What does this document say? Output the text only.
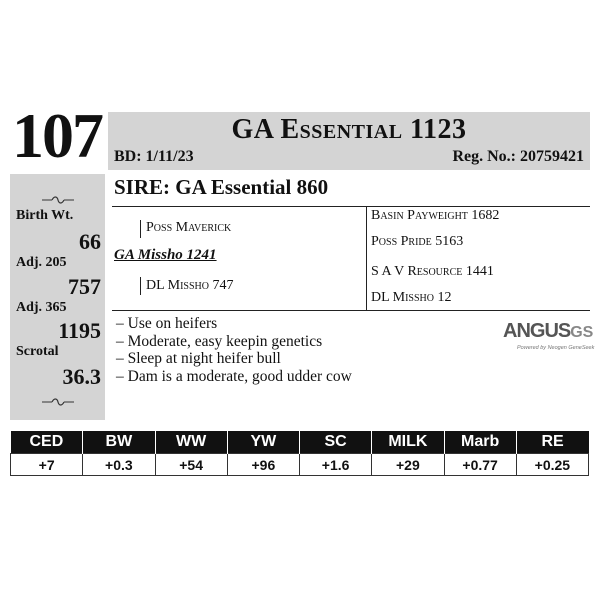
107	GA Essential 1123
BD: 1/11/23	Reg. No.: 20759421
Birth Wt.
66
Adj. 205
757
Adj. 365
1195
Scrotal
36.3
SIRE: GA Essential 860
Poss Maverick
GA Missho 1241
DL Missho 747
Basin Payweight 1682
Poss Pride 5163
S A V Resource 1441
DL Missho 12
– Use on heifers
– Moderate, easy keepin genetics
– Sleep at night heifer bull
– Dam is a moderate, good udder cow
ANGUSGS
Powered by Neogen GeneSeek
CED	BW	WW	YW	SC	MILK	Marb	RE
+7	+0.3	+54	+96	+1.6	+29	+0.77	+0.25
